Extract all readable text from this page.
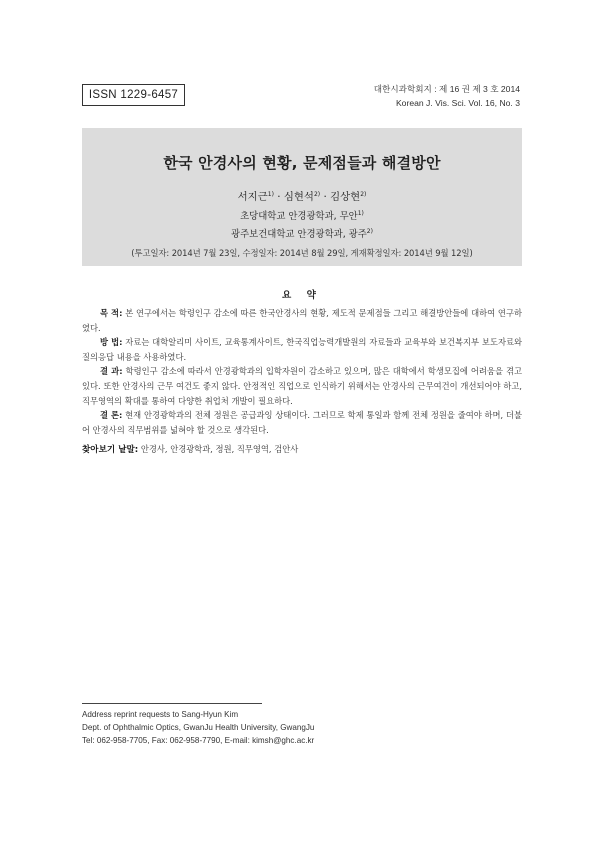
ISSN 1229-6457	대한시과학회지 : 제 16 권 제 3 호 2014
Korean J. Vis. Sci. Vol. 16, No. 3
한국 안경사의 현황, 문제점들과 해결방안
서지근$^{1)}$ · 심현석$^{2)}$ · 김상현$^{2)}$
초당대학교 안경광학과, 무안$^{1)}$
광주보건대학교 안경광학과, 광주$^{2)}$
(투고일자: 2014년 7월 23일, 수정일자: 2014년 8월 29일, 게재확정일자: 2014년 9월 12일)
요 약

목 적: 본 연구에서는 학령인구 감소에 따른 한국안경사의 현황, 제도적 문제점들 그리고 해결방안들에 대하여 연구하였다.

방 법: 자료는 대학알리미 사이트, 교육통계사이트, 한국직업능력개발원의 자료들과 교육부와 보건복지부 보도자료와 질의응답 내용을 사용하였다.

결 과: 학령인구 감소에 따라서 안경광학과의 입학자원이 감소하고 있으며, 많은 대학에서 학생모집에 어려움을 겪고 있다. 또한 안경사의 근무 여건도 좋지 않다. 안정적인 직업으로 인식하기 위해서는 안경사의 근무여건이 개선되어야 하고, 직무영역의 확대를 통하여 다양한 취업처 개발이 필요하다.

결 론: 현재 안경광학과의 전체 정원은 공급과잉 상태이다. 그러므로 학제 통일과 함께 전체 정원을 줄여야 하며, 더불어 안경사의 직무범위를 넓혀야 할 것으로 생각된다.

찾아보기 낱말: 안경사, 안경광학과, 정원, 직무영역, 검안사
Address reprint requests to Sang-Hyun Kim
Dept. of Ophthalmic Optics, GwanJu Health University, GwangJu
Tel: 062-958-7705, Fax: 062-958-7790, E-mail: kimsh@ghc.ac.kr
